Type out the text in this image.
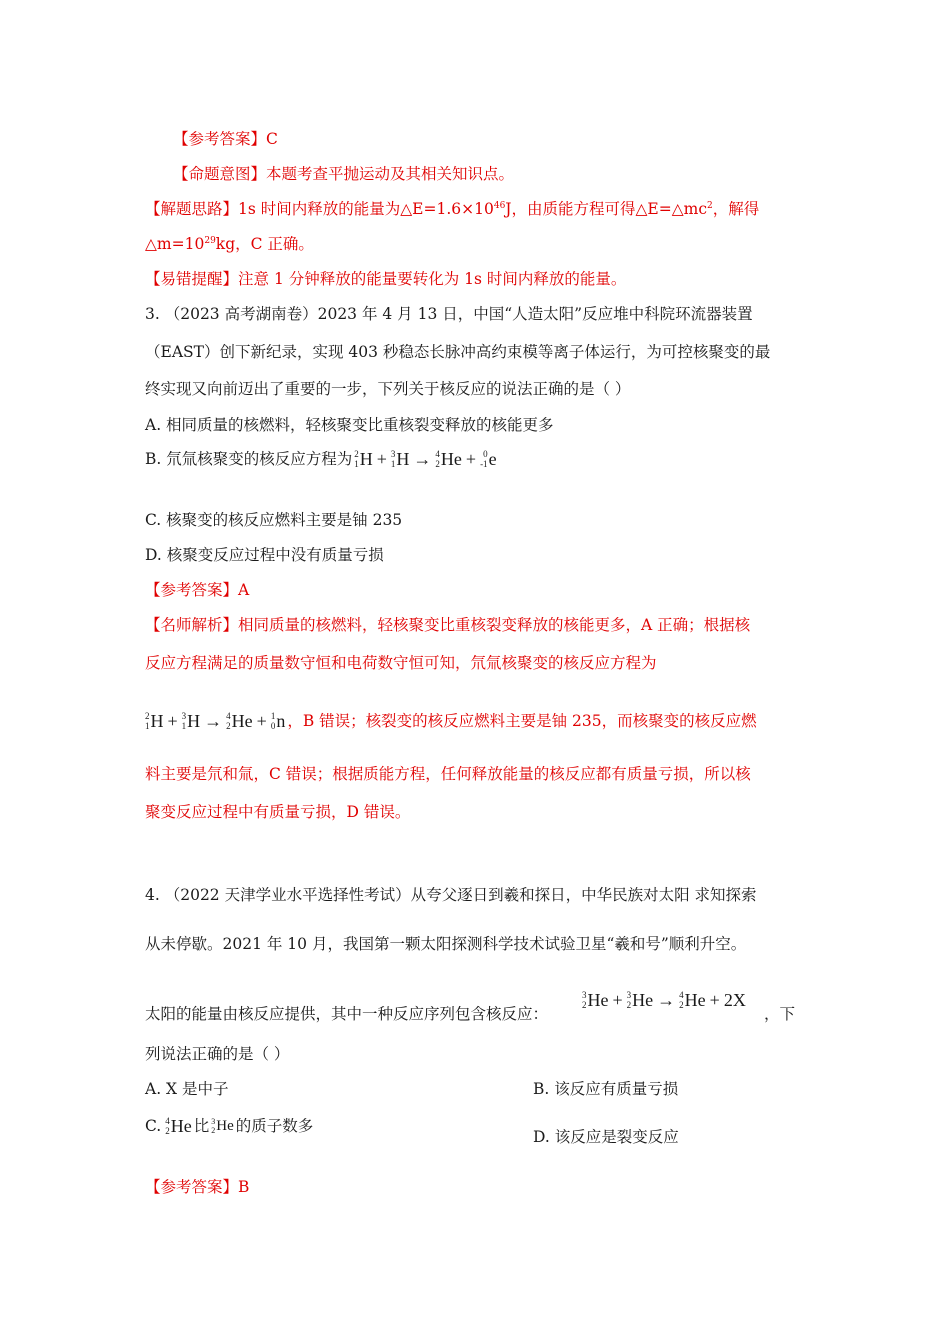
【参考答案】C
【命题意图】本题考查平抛运动及其相关知识点。
【解题思路】1s 时间内释放的能量为$\triangle E=1.6\times 10^{46}J$，由质能方程可得$\triangle E=\triangle mc^2$，解得
$\triangle m=10^{29}kg$，C 正确。
【易错提醒】注意 1 分钟释放的能量要转化为 1s 时间内释放的能量。
3. （2023 高考湖南卷）2023 年 4 月 13 日，中国“人造太阳”反应堆中科院环流器装置
（EAST）创下新纪录，实现 403 秒稳态长脉冲高约束模等离子体运行，为可控核聚变的最
终实现又向前迈出了重要的一步，下列关于核反应的说法正确的是（ ）
A. 相同质量的核燃料，轻核聚变比重核裂变释放的核能更多
B. 氘氚核聚变的核反应方程为 2
1 H + 3
1 H → 4
2 He + 0
-1 e
C. 核聚变的核反应燃料主要是铀 235
D. 核聚变反应过程中没有质量亏损
【参考答案】A
【名师解析】相同质量的核燃料，轻核聚变比重核裂变释放的核能更多，A 正确；根据核
反应方程满足的质量数守恒和电荷数守恒可知，氘氚核聚变的核反应方程为
2
1 H + 3
1 H → 4
2 He + 1
0 n ，B 错误；核裂变的核反应燃料主要是铀 235，而核聚变的核反应燃
料主要是氘和氚，C 错误；根据质能方程，任何释放能量的核反应都有质量亏损，所以核
聚变反应过程中有质量亏损，D 错误。
4. （2022 天津学业水平选择性考试）从夸父逐日到羲和探日，中华民族对太阳 求知探索
从未停歇。2021 年 10 月，我国第一颗太阳探测科学技术试验卫星“羲和号”顺利升空。
太阳的能量由核反应提供，其中一种反应序列包含核反应：
3
2 He + 3
2 He → 4
2 He + 2X
，下
列说法正确的是（ ）
A. X 是中子	B. 该反应有质量亏损
C. 4
2 He 比 3
2 He 的质子数多
D. 该反应是裂变反应
【参考答案】B
